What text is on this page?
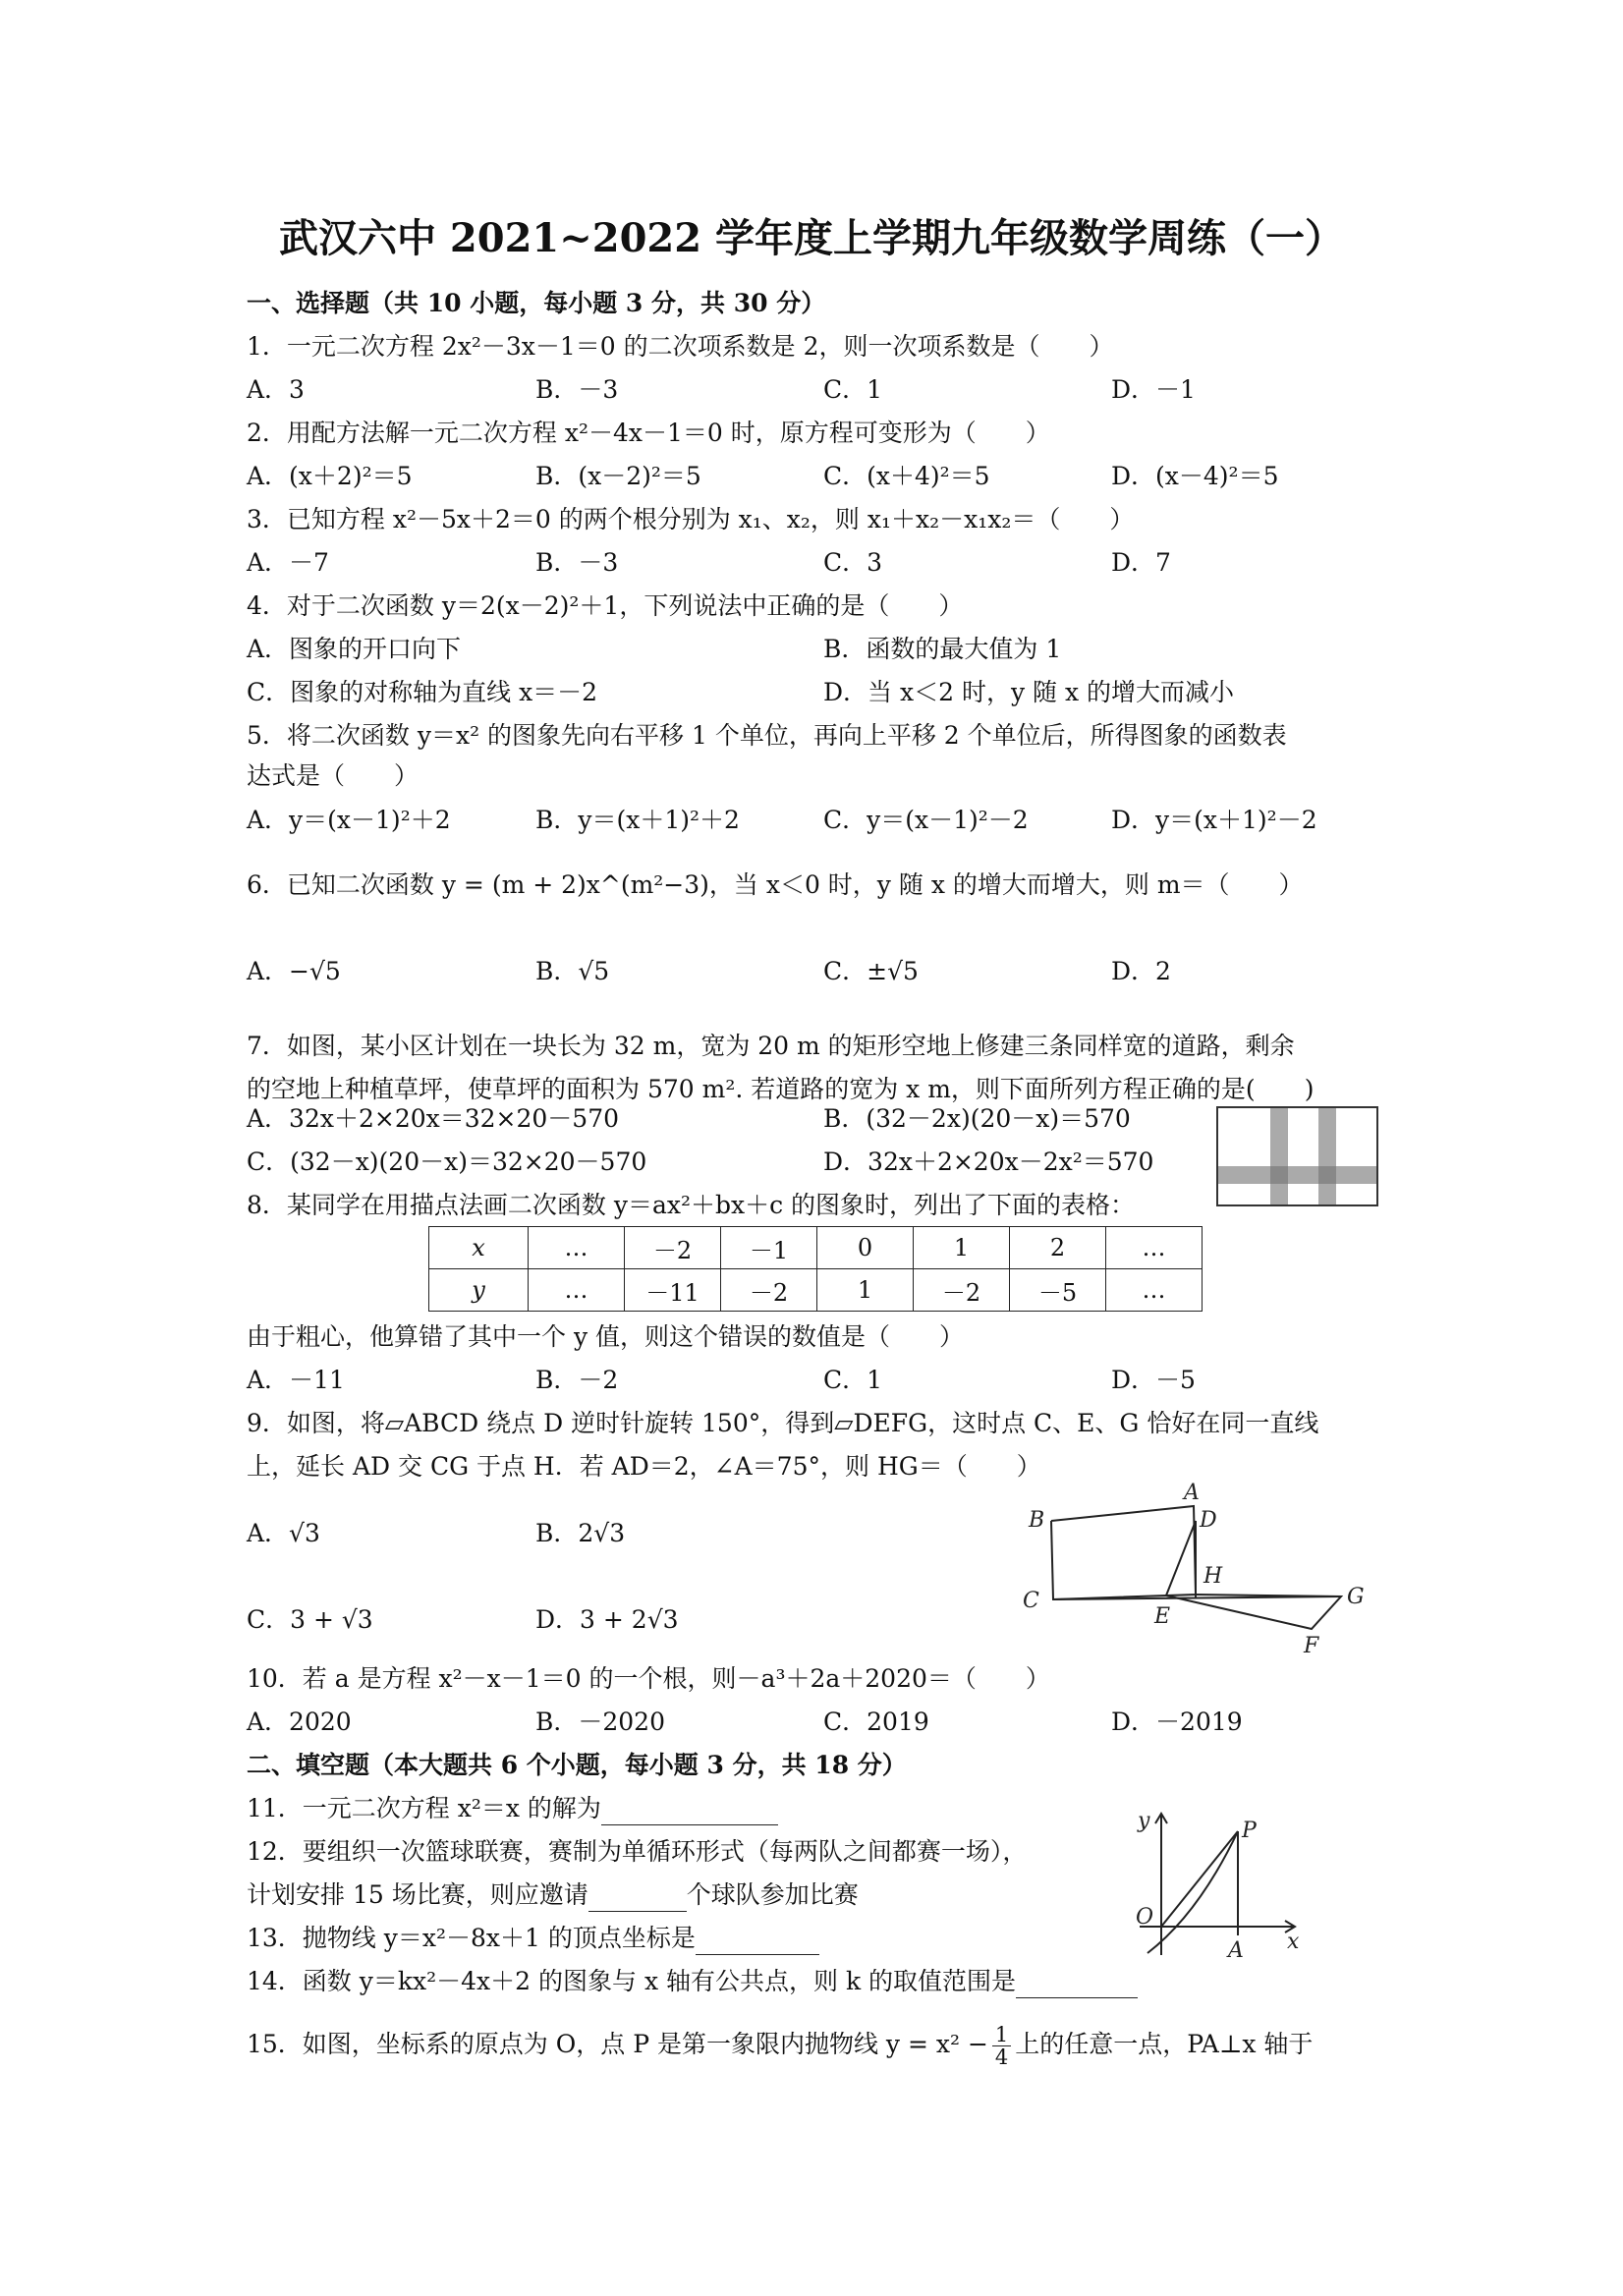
武汉六中 2021~2022 学年度上学期九年级数学周练（一）
一、选择题（共 10 小题，每小题 3 分，共 30 分）
1．一元二次方程 2x²－3x－1＝0 的二次项系数是 2，则一次项系数是（　　）
A．3	B．－3	C．1	D．－1
2．用配方法解一元二次方程 x²－4x－1＝0 时，原方程可变形为（　　）
A．(x＋2)²＝5	B．(x－2)²＝5	C．(x＋4)²＝5	D．(x－4)²＝5
3．已知方程 x²－5x＋2＝0 的两个根分别为 x₁、x₂，则 x₁＋x₂－x₁x₂＝（　　）
A．－7	B．－3	C．3	D．7
4．对于二次函数 y＝2(x－2)²＋1，下列说法中正确的是（　　）
A．图象的开口向下	B．函数的最大值为 1
C．图象的对称轴为直线 x＝－2	D．当 x＜2 时，y 随 x 的增大而减小
5．将二次函数 y＝x² 的图象先向右平移 1 个单位，再向上平移 2 个单位后，所得图象的函数表
达式是（　　）
A．y＝(x－1)²＋2	B．y＝(x＋1)²＋2	C．y＝(x－1)²－2	D．y＝(x＋1)²－2
6．已知二次函数 y = (m + 2)x^(m²−3)，当 x＜0 时，y 随 x 的增大而增大，则 m＝（　　）
A．−√5	B．√5	C．±√5	D．2
7．如图，某小区计划在一块长为 32 m，宽为 20 m 的矩形空地上修建三条同样宽的道路，剩余
的空地上种植草坪，使草坪的面积为 570 m². 若道路的宽为 x m，则下面所列方程正确的是(　　)
A．32x＋2×20x＝32×20－570	B．(32－2x)(20－x)＝570
C．(32－x)(20－x)＝32×20－570	D．32x＋2×20x－2x²＝570
8．某同学在用描点法画二次函数 y＝ax²＋bx＋c 的图象时，列出了下面的表格：
x	…	－2	－1	0	1	2	…
y	…	－11	－2	1	－2	－5	…
由于粗心，他算错了其中一个 y 值，则这个错误的数值是（　　）
A．－11	B．－2	C．1	D．－5
9．如图，将▱ABCD 绕点 D 逆时针旋转 150°，得到▱DEFG，这时点 C、E、G 恰好在同一直线
上，延长 AD 交 CG 于点 H．若 AD＝2，∠A＝75°，则 HG＝（　　）
A．√3	B．2√3
C．3 + √3	D．3 + 2√3
A
B
C
D
E
F
G
H
10．若 a 是方程 x²－x－1＝0 的一个根，则－a³＋2a＋2020＝（　　）
A．2020	B．－2020	C．2019	D．－2019
二、填空题（本大题共 6 个小题，每小题 3 分，共 18 分）
11．一元二次方程 x²＝x 的解为
12．要组织一次篮球联赛，赛制为单循环形式（每两队之间都赛一场），
计划安排 15 场比赛，则应邀请	个球队参加比赛
13．抛物线 y＝x²－8x＋1 的顶点坐标是
14．函数 y＝kx²－4x＋2 的图象与 x 轴有公共点，则 k 的取值范围是
15．如图，坐标系的原点为 O，点 P 是第一象限内抛物线 $y = x^2 - \frac{1}{4}$ 上的任意一点，PA⊥x 轴于
y	P
O
A x
